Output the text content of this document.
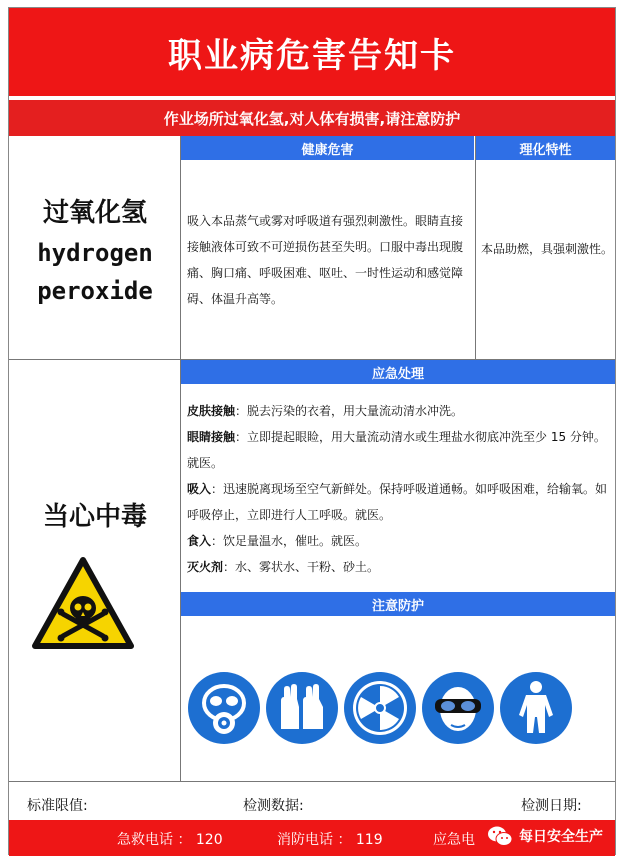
职业病危害告知卡
作业场所过氧化氢,对人体有损害,请注意防护
过氧化氢
hydrogen
peroxide
健康危害
吸入本品蒸气或雾对呼吸道有强烈刺激性。眼睛直接接触液体可致不可逆损伤甚至失明。口服中毒出现腹痛、胸口痛、呼吸困难、呕吐、一时性运动和感觉障碍、体温升高等。
理化特性
本品助燃，具强刺激性。
当心中毒
应急处理
皮肤接触：脱去污染的衣着，用大量流动清水冲洗。
眼睛接触：立即提起眼睑，用大量流动清水或生理盐水彻底冲洗至少 15 分钟。就医。
吸入：迅速脱离现场至空气新鲜处。保持呼吸道通畅。如呼吸困难，给输氧。如呼吸停止，立即进行人工呼吸。就医。
食入：饮足量温水，催吐。就医。
灭火剂：水、雾状水、干粉、砂土。
注意防护
标准限值:	检测数据:	检测日期:
急救电话 ： 120	消防电话 ： 119	应急电	每日安全生产
